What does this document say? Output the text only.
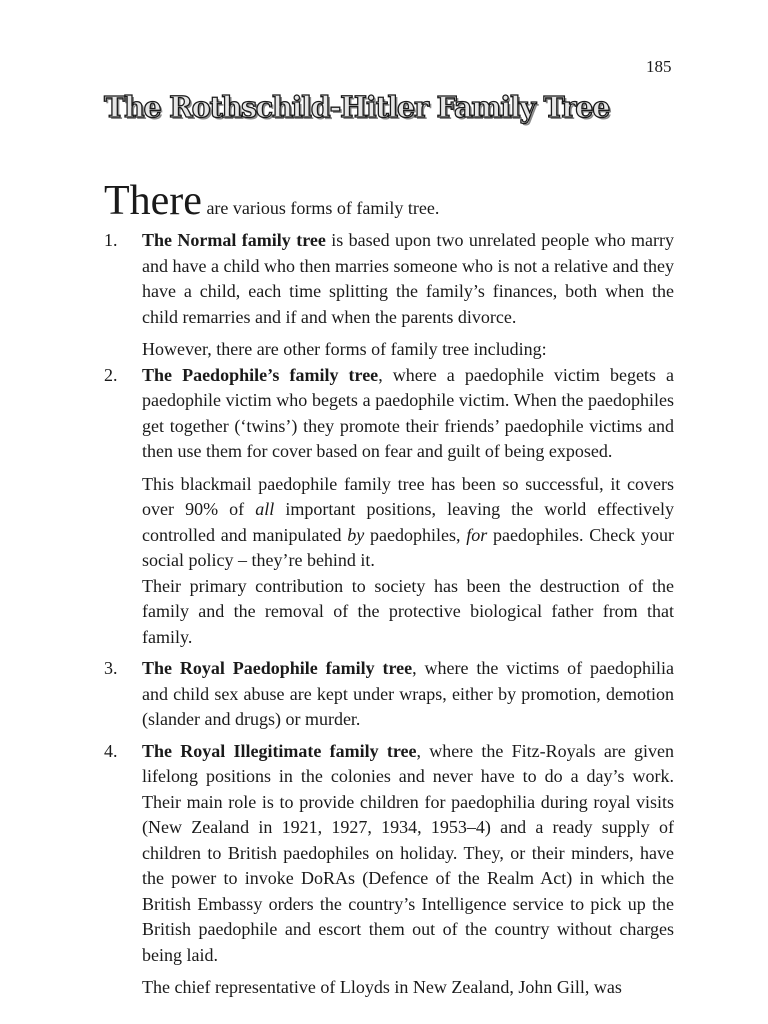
185
The Rothschild-Hitler Family Tree

There are various forms of family tree.

1.	The Normal family tree is based upon two unrelated people who marry and have a child who then marries someone who is not a relative and they have a child, each time splitting the family’s finances, both when the child remarries and if and when the parents divorce.

However, there are other forms of family tree including:

2.	The Paedophile’s family tree, where a paedophile victim begets a paedophile victim who begets a paedophile victim. When the paedophiles get together (‘twins’) they promote their friends’ paedophile victims and then use them for cover based on fear and guilt of being exposed.

This blackmail paedophile family tree has been so successful, it covers over 90% of all important positions, leaving the world effectively controlled and manipulated by paedophiles, for paedophiles. Check your social policy – they’re behind it.

Their primary contribution to society has been the destruction of the family and the removal of the protective biological father from that family.

3.	The Royal Paedophile family tree, where the victims of paedophilia and child sex abuse are kept under wraps, either by promotion, demotion (slander and drugs) or murder.

4.	The Royal Illegitimate family tree, where the Fitz-Royals are given lifelong positions in the colonies and never have to do a day’s work. Their main role is to provide children for paedophilia during royal visits (New Zealand in 1921, 1927, 1934, 1953–4) and a ready supply of children to British paedophiles on holiday. They, or their minders, have the power to invoke DoRAs (Defence of the Realm Act) in which the British Embassy orders the country’s Intelligence service to pick up the British paedophile and escort them out of the country without charges being laid.

The chief representative of Lloyds in New Zealand, John Gill, was
